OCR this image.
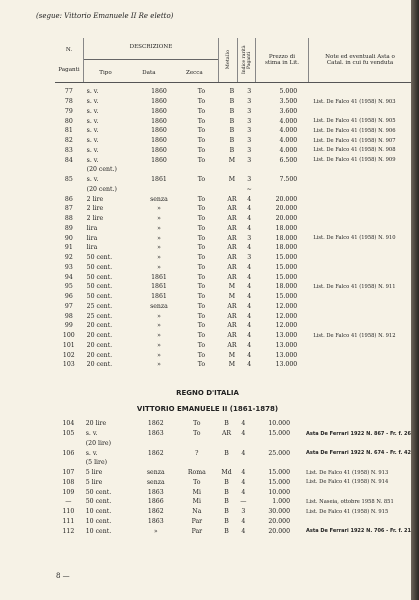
(segue: Vittorio Emanuele II Re eletto)
N.
Paganti

DESCRIZIONE
Tipo	Data	Zecca

Metallo	Indice rarità Paganti	Prezzo di stima in Lit.

Note ed eventuali Asta o Catal. in cui fu venduta
77	s. v.	1860	To	B	3	5.000	
78	s. v.	1860	To	B	3	3.500	List. De Falco 41 (1958) N. 903
79	s. v.	1860	To	B	3	3.600	
80	s. v.	1860	To	B	3	4.000	List. De Falco 41 (1958) N. 905
81	s. v.	1860	To	B	3	4.000	List. De Falco 41 (1958) N. 906
82	s. v.	1860	To	B	3	4.000	List. De Falco 41 (1958) N. 907
83	s. v.	1860	To	B	3	4.000	List. De Falco 41 (1958) N. 908
84	s. v.	1860	To	M	3	6.500	List. De Falco 41 (1958) N. 909
	(20 cent.)						
85	s. v.	1861	To	M	3	7.500	
	(20 cent.)				~		
86	2 lire	senza	To	AR	4	20.000	
87	2 lire	»	To	AR	4	20.000	
88	2 lire	»	To	AR	4	20.000	
89	lira	»	To	AR	4	18.000	
90	lira	»	To	AR	3	18.000	List. De Falco 41 (1958) N. 910
91	lira	»	To	AR	4	18.000	
92	50 cent.	»	To	AR	3	15.000	
93	50 cent.	»	To	AR	4	15.000	
94	50 cent.	1861	To	AR	4	15.000	
95	50 cent.	1861	To	M	4	18.000	List. De Falco 41 (1958) N. 911
96	50 cent.	1861	To	M	4	15.000	
97	25 cent.	senza	To	AR	4	12.000	
98	25 cent.	»	To	AR	4	12.000	
99	20 cent.	»	To	AR	4	12.000	
100	20 cent.	»	To	AR	4	13.000	List. De Falco 41 (1958) N. 912
101	20 cent.	»	To	AR	4	13.000	
102	20 cent.	»	To	M	4	13.000	
103	20 cent.	»	To	M	4	13.000	
REGNO D'ITALIA
VITTORIO EMANUELE II (1861-1878)
104	20 lire	1862	To	B	4	10.000	
105	s. v.	1863	To	AR	4	15.000	Asta De Ferrari 1922 N. 867 - Fr. f. 26
	(20 lire)						
106	s. v.	1862	?	B	4	25.000	Asta De Ferrari 1922 N. 674 - Fr. f. 42
	(5 lire)						
107	5 lire	senza	Roma	Md	4	15.000	List. De Falco 41 (1958) N. 913
108	5 lire	senza	To	B	4	15.000	List. De Falco 41 (1958) N. 914
109	50 cent.	1863	Mi	B	4	10.000	
—	50 cent.	1866	Mi	B	—	1.000	List. Naseia, ottobre 1958 N. 851
110	10 cent.	1862	Na	B	3	30.000	List. De Falco 41 (1958) N. 915
111	10 cent.	1863	Par	B	4	20.000	
112	10 cent.	»	Par	B	4	20.000	Asta De Ferrari 1922 N. 706 - Fr. f. 21
8 —
